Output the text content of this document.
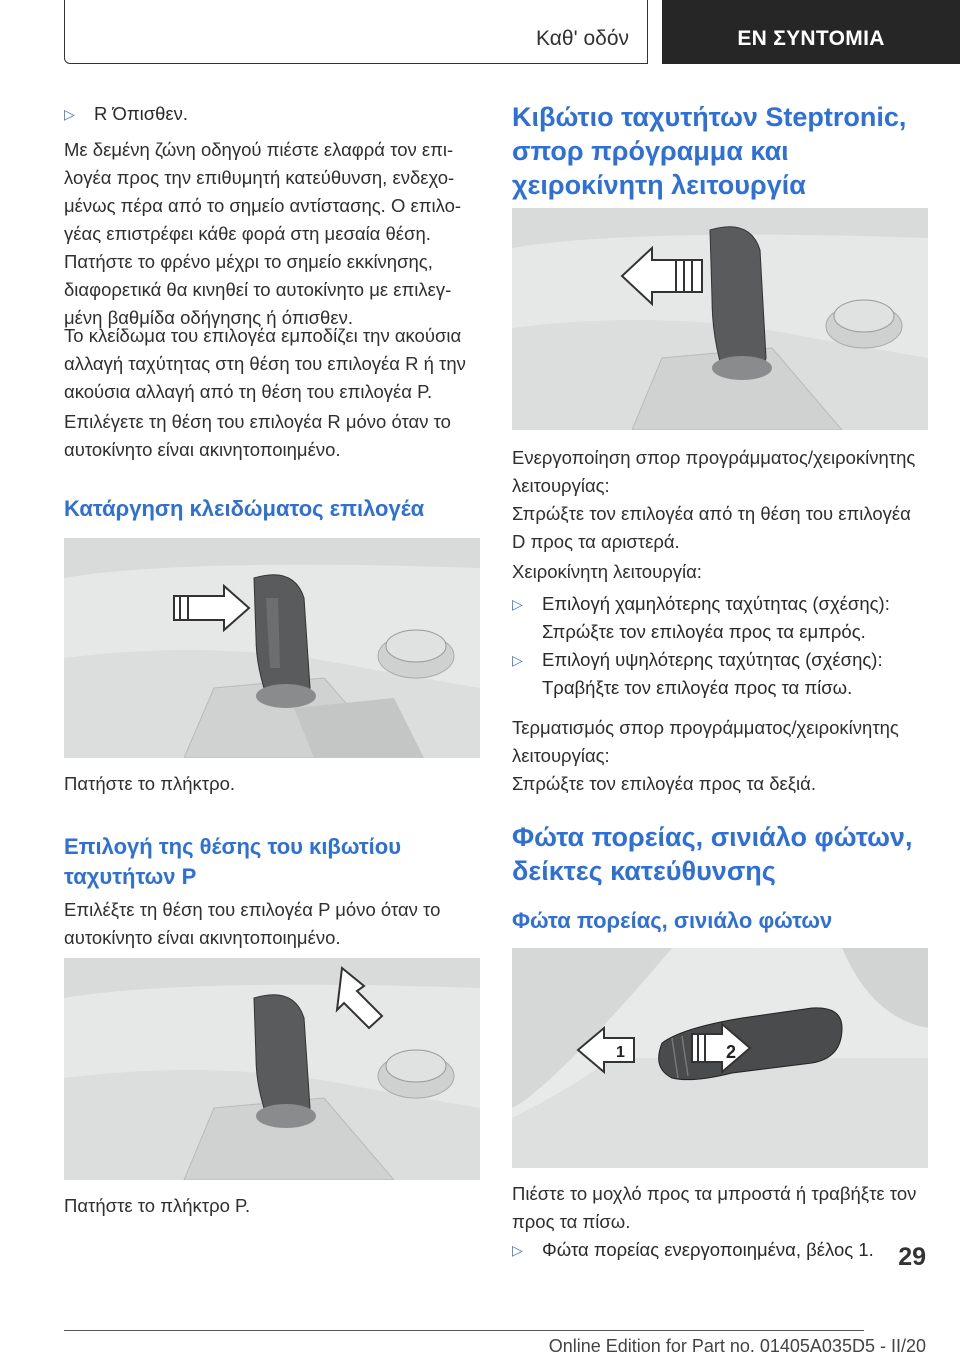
Καθ' οδόν	ΕΝ ΣΥΝΤΟΜΙΑ
▷	R Όπισθεν.

Με δεμένη ζώνη οδηγού πιέστε ελαφρά τον επι-λογέα προς την επιθυμητή κατεύθυνση, ενδεχο-μένως πέρα από το σημείο αντίστασης. Ο επιλο-γέας επιστρέφει κάθε φορά στη μεσαία θέση.

Πατήστε το φρένο μέχρι το σημείο εκκίνησης, διαφορετικά θα κινηθεί το αυτοκίνητο με επιλεγ-μένη βαθμίδα οδήγησης ή όπισθεν.

Το κλείδωμα του επιλογέα εμποδίζει την ακούσια αλλαγή ταχύτητας στη θέση του επιλογέα R ή την ακούσια αλλαγή από τη θέση του επιλογέα P.

Επιλέγετε τη θέση του επιλογέα R μόνο όταν το αυτοκίνητο είναι ακινητοποιημένο.

Κατάργηση κλειδώματος επιλογέα

Πατήστε το πλήκτρο.

Επιλογή της θέσης του κιβωτίου
ταχυτήτων P

Επιλέξτε τη θέση του επιλογέα P μόνο όταν το αυτοκίνητο είναι ακινητοποιημένο.

Πατήστε το πλήκτρο P.

Κιβώτιο ταχυτήτων Steptronic,
σπορ πρόγραμμα και
χειροκίνητη λειτουργία

Ενεργοποίηση σπορ προγράμματος/χειροκίνητης λειτουργίας:

Σπρώξτε τον επιλογέα από τη θέση του επιλογέα D προς τα αριστερά.

Χειροκίνητη λειτουργία:

▷	Επιλογή χαμηλότερης ταχύτητας (σχέσης):
Σπρώξτε τον επιλογέα προς τα εμπρός.
▷	Επιλογή υψηλότερης ταχύτητας (σχέσης):
Τραβήξτε τον επιλογέα προς τα πίσω.

Τερματισμός σπορ προγράμματος/χειροκίνητης λειτουργίας:

Σπρώξτε τον επιλογέα προς τα δεξιά.

Φώτα πορείας, σινιάλο φώτων,
δείκτες κατεύθυνσης
Φώτα πορείας, σινιάλο φώτων
1	2

Πιέστε το μοχλό προς τα μπροστά ή τραβήξτε τον προς τα πίσω.

▷	Φώτα πορείας ενεργοποιημένα, βέλος 1. 29
Online Edition for Part no. 01405A035D5 - II/20
